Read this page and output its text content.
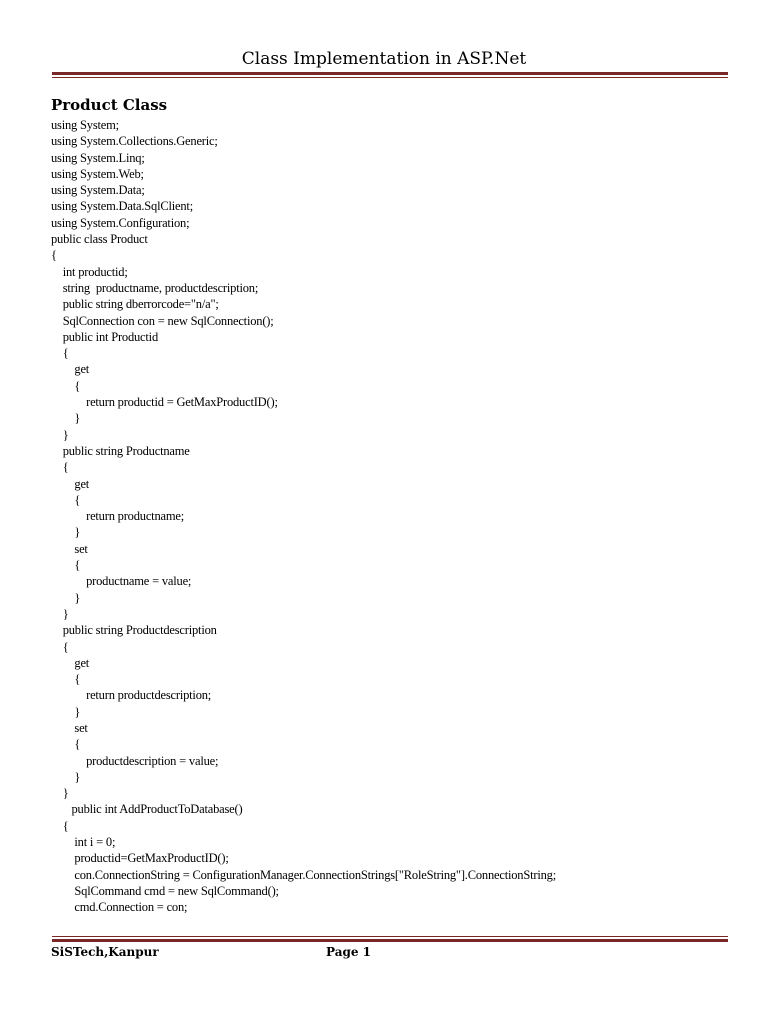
Class Implementation in ASP.Net
Product Class
using System;
using System.Collections.Generic;
using System.Linq;
using System.Web;
using System.Data;
using System.Data.SqlClient;
using System.Configuration;
public class Product
{
int productid;
string  productname, productdescription;
public string dberrorcode="n/a";
SqlConnection con = new SqlConnection();
public int Productid
{
get
{
return productid = GetMaxProductID();
}
}
public string Productname
{
get
{
return productname;
}
set
{
productname = value;
}
}
public string Productdescription
{
get
{
return productdescription;
}
set
{
productdescription = value;
}
}
public int AddProductToDatabase()
{
int i = 0;
productid=GetMaxProductID();
con.ConnectionString = ConfigurationManager.ConnectionStrings["RoleString"].ConnectionString;
SqlCommand cmd = new SqlCommand();
cmd.Connection = con;
SiSTech,Kanpur	Page 1
